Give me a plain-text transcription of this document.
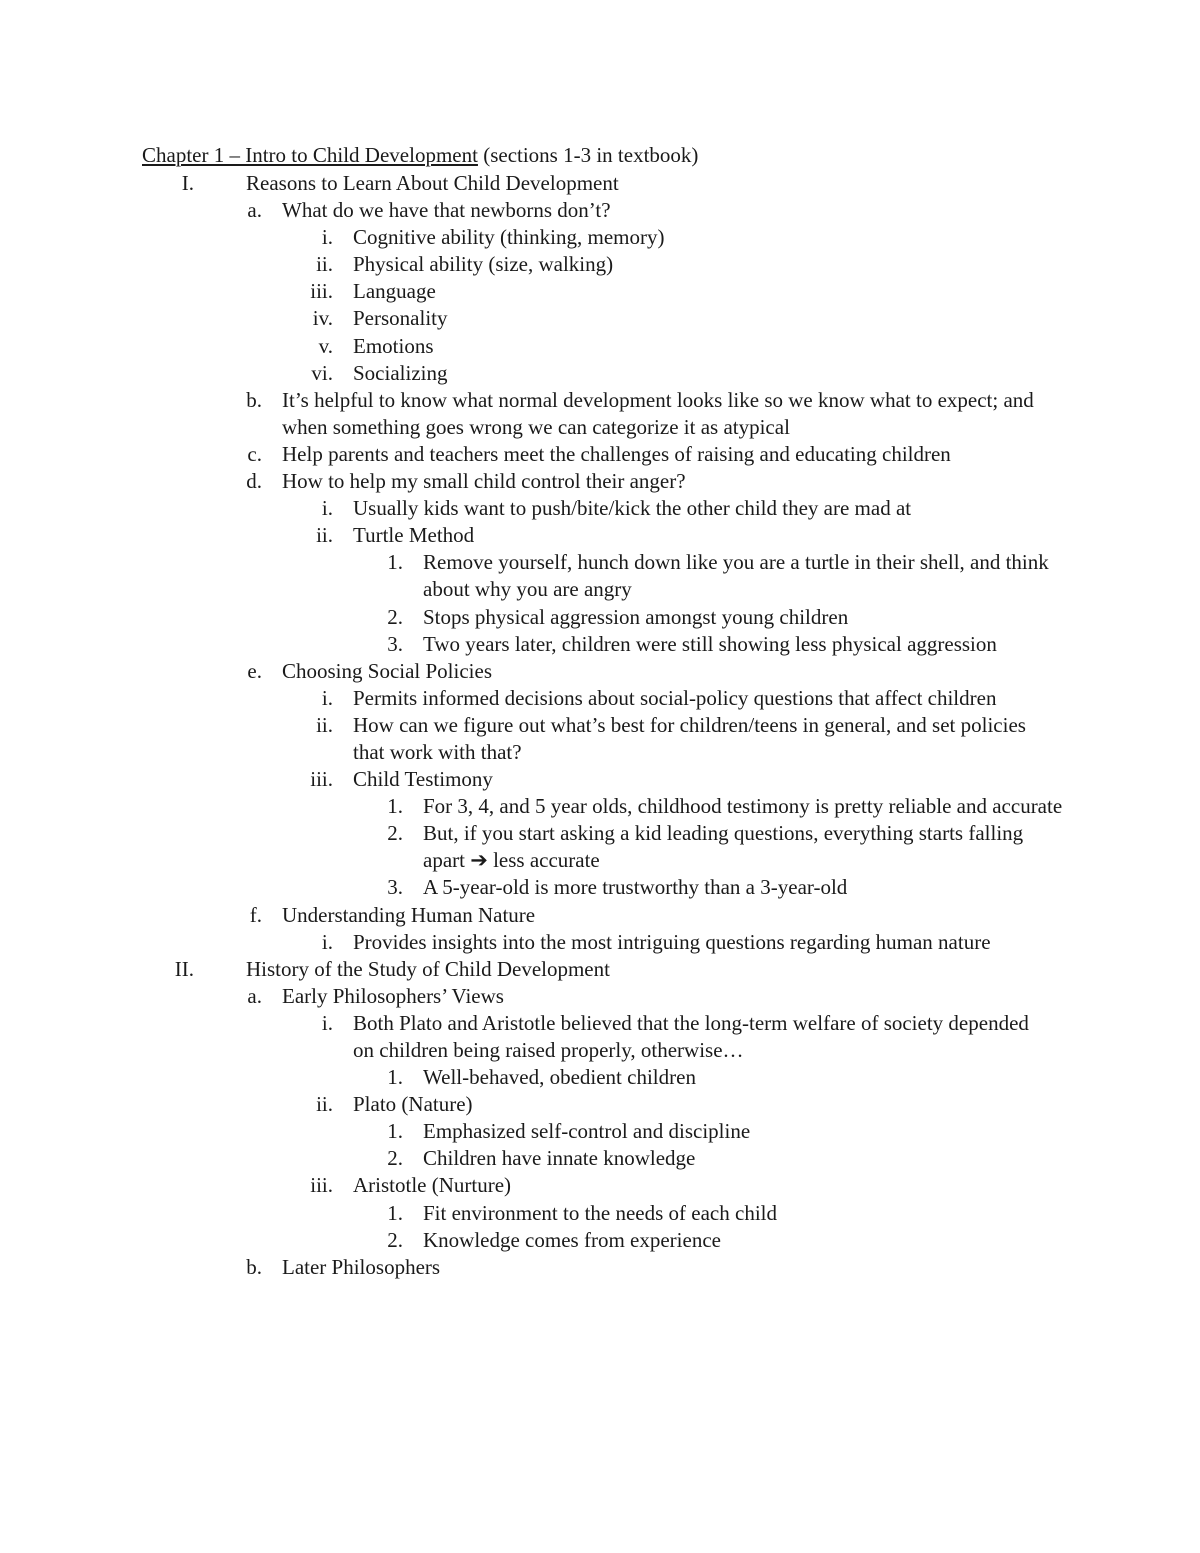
Chapter 1 – Intro to Child Development (sections 1-3 in textbook)
I. Reasons to Learn About Child Development
a. What do we have that newborns don’t?
i. Cognitive ability (thinking, memory)
ii. Physical ability (size, walking)
iii. Language
iv. Personality
v. Emotions
vi. Socializing
b. It’s helpful to know what normal development looks like so we know what to expect; and when something goes wrong we can categorize it as atypical
c. Help parents and teachers meet the challenges of raising and educating children
d. How to help my small child control their anger?
i. Usually kids want to push/bite/kick the other child they are mad at
ii. Turtle Method
1. Remove yourself, hunch down like you are a turtle in their shell, and think about why you are angry
2. Stops physical aggression amongst young children
3. Two years later, children were still showing less physical aggression
e. Choosing Social Policies
i. Permits informed decisions about social-policy questions that affect children
ii. How can we figure out what’s best for children/teens in general, and set policies that work with that?
iii. Child Testimony
1. For 3, 4, and 5 year olds, childhood testimony is pretty reliable and accurate
2. But, if you start asking a kid leading questions, everything starts falling apart ➔ less accurate
3. A 5-year-old is more trustworthy than a 3-year-old
f. Understanding Human Nature
i. Provides insights into the most intriguing questions regarding human nature
II. History of the Study of Child Development
a. Early Philosophers’ Views
i. Both Plato and Aristotle believed that the long-term welfare of society depended on children being raised properly, otherwise…
1. Well-behaved, obedient children
ii. Plato (Nature)
1. Emphasized self-control and discipline
2. Children have innate knowledge
iii. Aristotle (Nurture)
1. Fit environment to the needs of each child
2. Knowledge comes from experience
b. Later Philosophers
